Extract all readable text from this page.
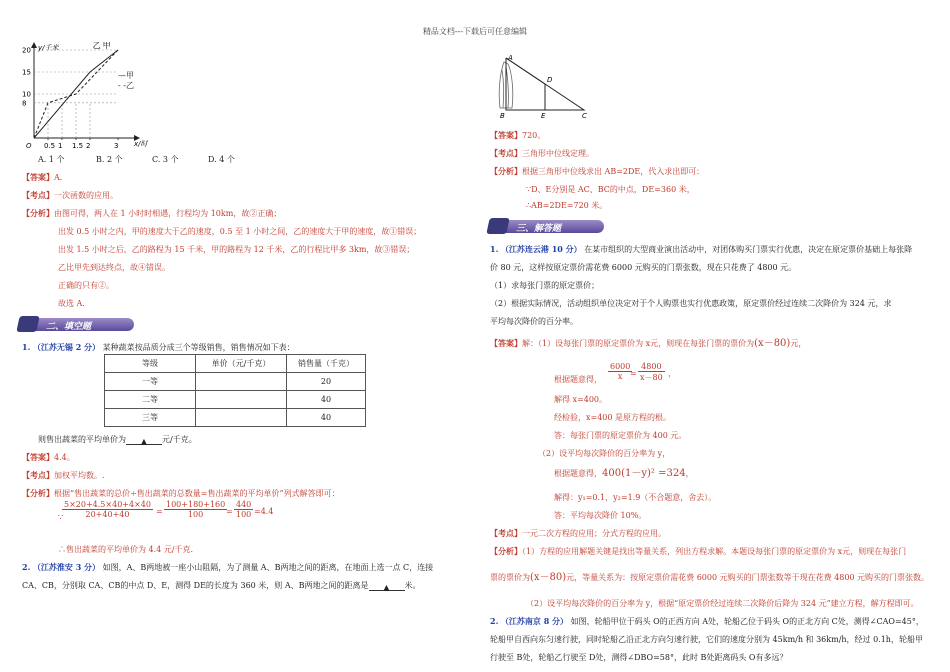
精品文档---下载后可任意编辑
0.5 1 1.5 2	3
8
10
15
20
O
y/千米
x/时
乙 甲
—甲
- -乙
A. 1 个	B. 2 个	C. 3 个	D. 4 个
【答案】A.
【考点】一次函数的应用。
【分析】由图可得，两人在 1 小时时相遇，行程均为 10km，故②正确；
出发 0.5 小时之内，甲的速度大于乙的速度，0.5 至 1 小时之间，乙的速度大于甲的速度，故①错误；
出发 1.5 小时之后，乙的路程为 15 千米，甲的路程为 12 千米，乙的行程比甲多 3km，故③错误；
乙比甲先到达终点，故④错误。
正确的只有②。
故选 A.
二、填空题
1. （江苏无锡 2 分） 某种蔬菜按品质分成三个等级销售，销售情况如下表：
等级	单价（元/千克）	销售量（千克）
一等		20
二等		40
三等		40
则售出蔬菜的平均单价为 ▲ 元/千克。
【答案】4.4。
【考点】加权平均数。.
【分析】根据“售出蔬菜的总价÷售出蔬菜的总数量=售出蔬菜的平均单价”列式解答即可：
∵
$\frac{5\times 20+4.5\times 40+4\times 40}{20+40+40} = \frac{100+180+160}{100}$
= $\frac{440}{100} =4.4$
∴售出蔬菜的平均单价为 4.4 元/千克.
2. （江苏淮安 3 分） 如图，A、B两地被一座小山阻隔，为了测量 A、B两地之间的距离，在地面上选一点 C，连接
CA、CB，分别取 CA、CB的中点 D、E，测得 DE的长度为 360 米，则 A、B两地之间的距离是 ▲ 米。
A
B
D
E	C
【答案】720。
【考点】三角形中位线定理。
【分析】根据三角形中位线求出 AB=2DE，代入求出即可：
∵D、E分别是 AC、BC的中点，DE=360 米，
∴AB=2DE=720 米。
三、解答题
1. （江苏连云港 10 分） 在某市组织的大型商业演出活动中，对团体购买门票实行优惠，决定在原定票价基础上每张降
价 80 元，这样按原定票价需花费 6000 元购买的门票张数，现在只花费了 4800 元。
（1）求每张门票的原定票价；
（2）根据实际情况，活动组织单位决定对于个人购票也实行优惠政策，原定票价经过连续二次降价为 324 元，求
平均每次降价的百分率。
【答案】解：（1）设每张门票的原定票价为 x元，则现在每张门票的票价为(x－80)元，
根据题意得， $\frac{6000}{x}$
= $\frac{4800}{x-80}$ ，
解得 x=400。
经检验，x=400 是原方程的根。
答：每张门票的原定票价为 400 元。
（2）设平均每次降价的百分率为 y，
根据题意得，400(1－y)² =324，
解得：y₁=0.1，y₂=1.9（不合题意，舍去）。
答：平均每次降价 10%。
【考点】一元二次方程的应用；分式方程的应用。
【分析】（1）方程的应用解题关键是找出等量关系，列出方程求解。本题设每张门票的原定票价为 x元，则现在每张门
票的票价为(x－80)元，等量关系为：按原定票价需花费 6000 元购买的门票张数等于现在花费 4800 元购买的门票张数。
（2）设平均每次降价的百分率为 y，根据“原定票价经过连续二次降价后降为 324 元”建立方程，解方程即可。
2. （江苏南京 8 分） 如图，轮船甲位于码头 O的正西方向 A处，轮船乙位于码头 O的正北方向 C处，测得∠CAO=45°，
轮船甲自西向东匀速行驶，同时轮船乙沿正北方向匀速行驶，它们的速度分别为 45km/h 和 36km/h，经过 0.1h，轮船甲
行驶至 B处，轮船乙行驶至 D处，测得∠DBO=58°，此时 B处距离码头 O有多远？
